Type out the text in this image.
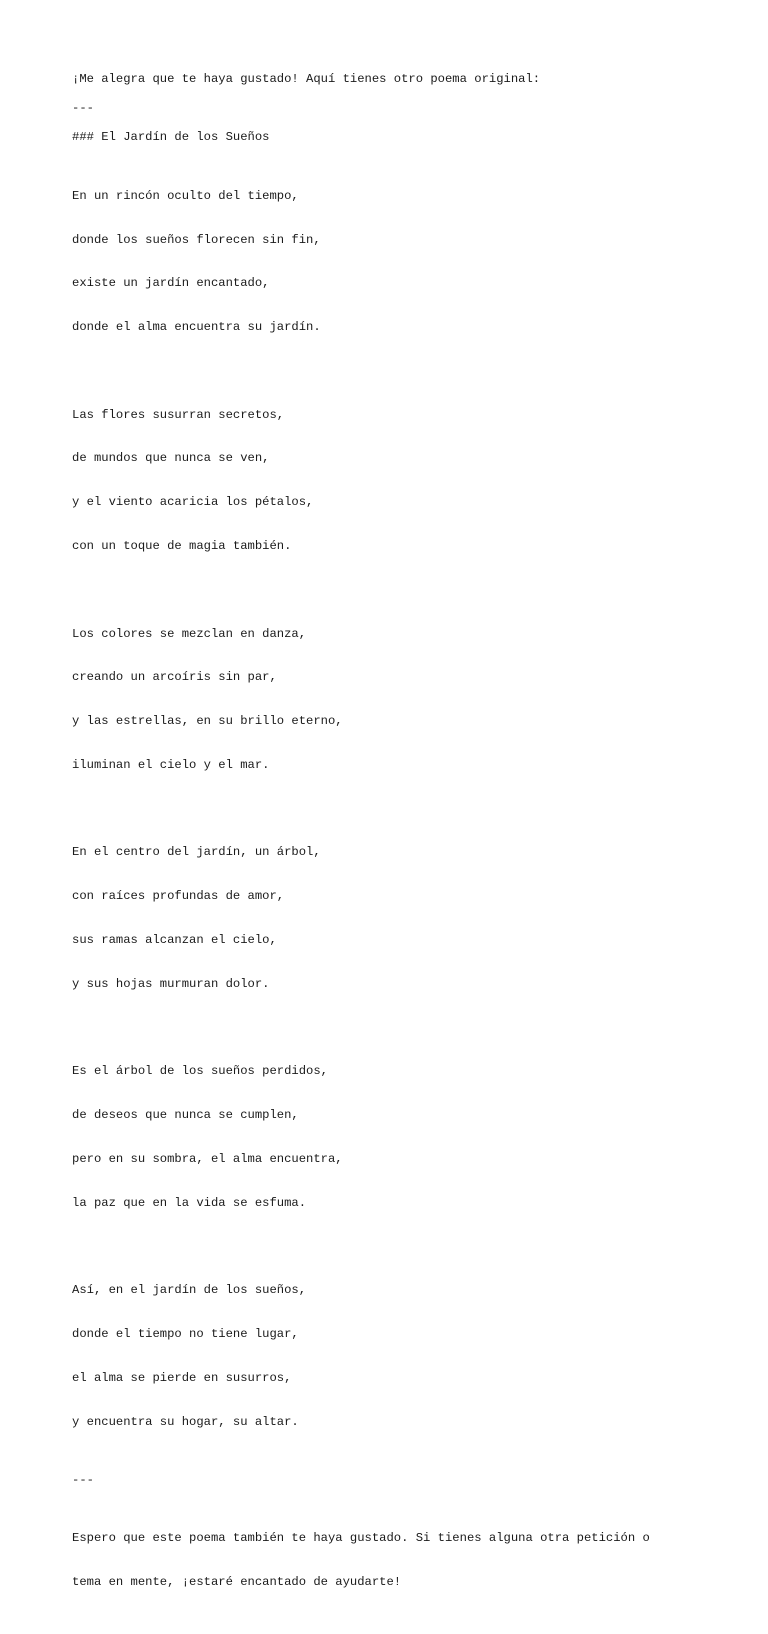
¡Me alegra que te haya gustado! Aquí tienes otro poema original:

---

### El Jardín de los Sueños

En un rincón oculto del tiempo,

donde los sueños florecen sin fin,

existe un jardín encantado,

donde el alma encuentra su jardín.

Las flores susurran secretos,

de mundos que nunca se ven,

y el viento acaricia los pétalos,

con un toque de magia también.

Los colores se mezclan en danza,

creando un arcoíris sin par,

y las estrellas, en su brillo eterno,

iluminan el cielo y el mar.

En el centro del jardín, un árbol,

con raíces profundas de amor,

sus ramas alcanzan el cielo,

y sus hojas murmuran dolor.

Es el árbol de los sueños perdidos,

de deseos que nunca se cumplen,

pero en su sombra, el alma encuentra,

la paz que en la vida se esfuma.

Así, en el jardín de los sueños,

donde el tiempo no tiene lugar,

el alma se pierde en susurros,

y encuentra su hogar, su altar.

---

Espero que este poema también te haya gustado. Si tienes alguna otra petición o

tema en mente, ¡estaré encantado de ayudarte!
